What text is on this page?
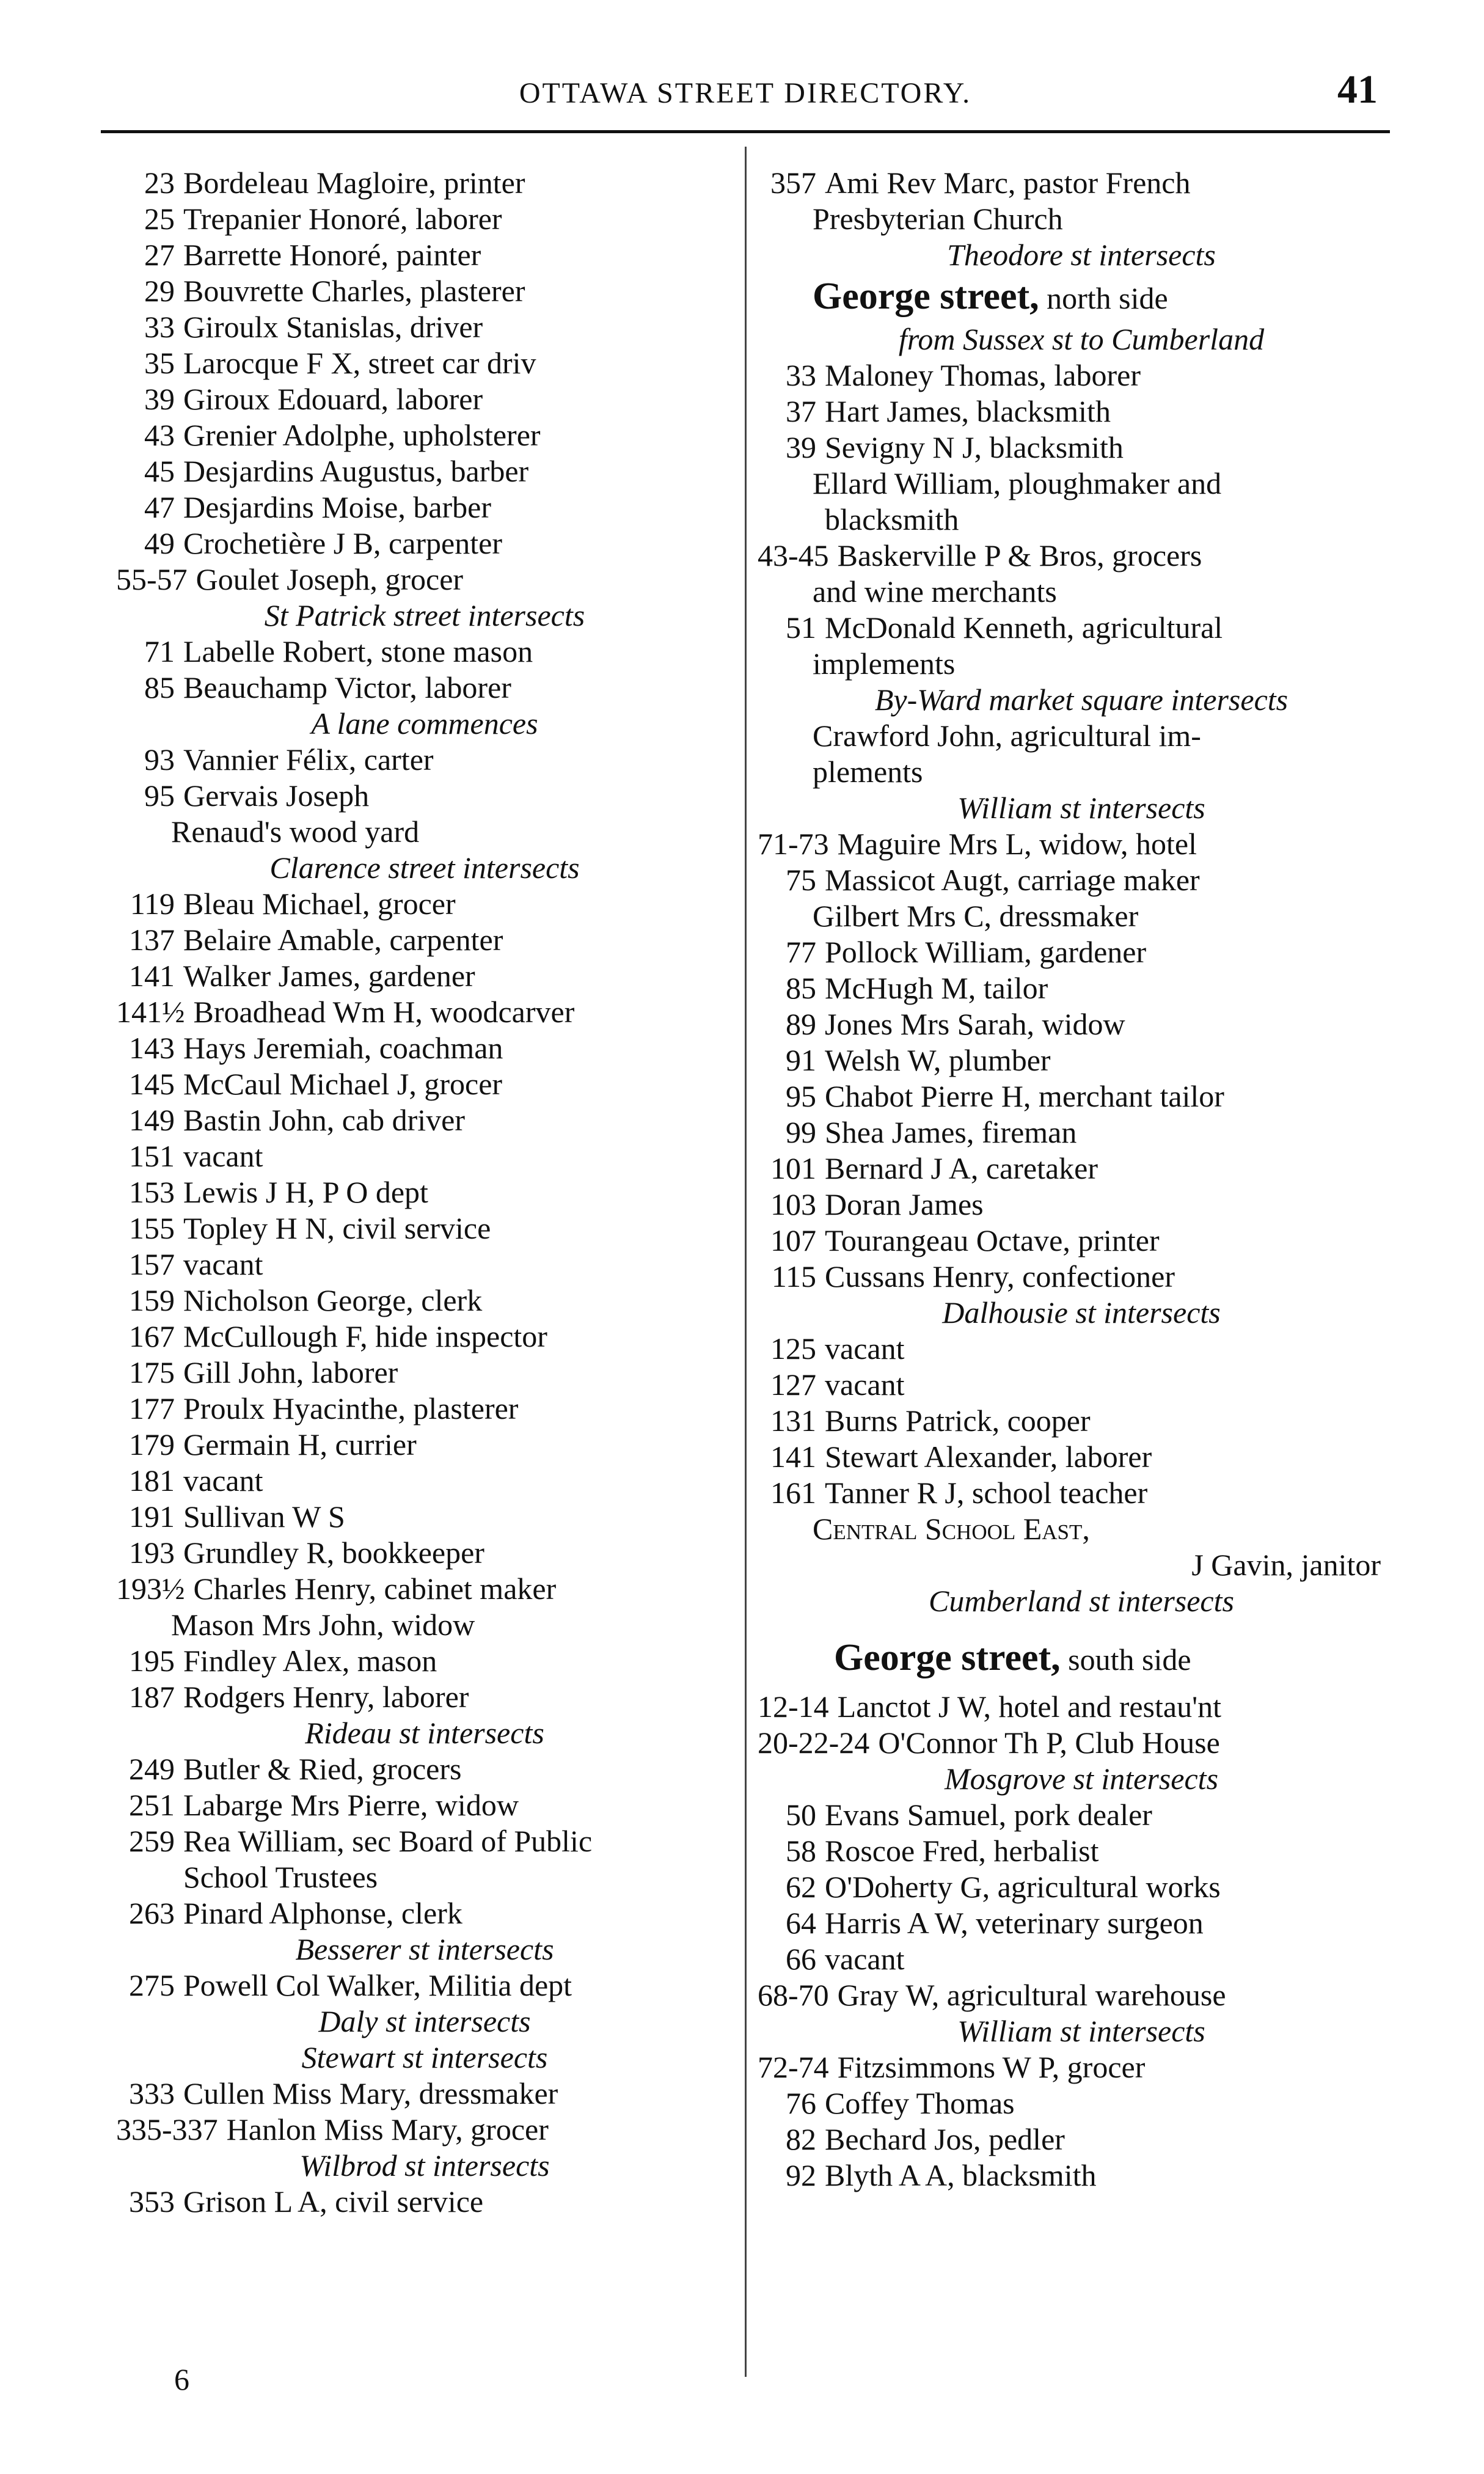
OTTAWA STREET DIRECTORY.	41
23 Bordeleau Magloire, printer
25 Trepanier Honoré, laborer
27 Barrette Honoré, painter
29 Bouvrette Charles, plasterer
33 Giroulx Stanislas, driver
35 Larocque F X, street car driv
39 Giroux Edouard, laborer
43 Grenier Adolphe, upholsterer
45 Desjardins Augustus, barber
47 Desjardins Moise, barber
49 Crochetière J B, carpenter
55-57 Goulet Joseph, grocer
St Patrick street intersects
71 Labelle Robert, stone mason
85 Beauchamp Victor, laborer
A lane commences
93 Vannier Félix, carter
95 Gervais Joseph
Renaud's wood yard
Clarence street intersects
119 Bleau Michael, grocer
137 Belaire Amable, carpenter
141 Walker James, gardener
141½ Broadhead Wm H, woodcarver
143 Hays Jeremiah, coachman
145 McCaul Michael J, grocer
149 Bastin John, cab driver
151 vacant
153 Lewis J H, P O dept
155 Topley H N, civil service
157 vacant
159 Nicholson George, clerk
167 McCullough F, hide inspector
175 Gill John, laborer
177 Proulx Hyacinthe, plasterer
179 Germain H, currier
181 vacant
191 Sullivan W S
193 Grundley R, bookkeeper
193½ Charles Henry, cabinet maker
Mason Mrs John, widow
195 Findley Alex, mason
187 Rodgers Henry, laborer
Rideau st intersects
249 Butler & Ried, grocers
251 Labarge Mrs Pierre, widow
259 Rea William, sec Board of Public
School Trustees
263 Pinard Alphonse, clerk
Besserer st intersects
275 Powell Col Walker, Militia dept
Daly st intersects
Stewart st intersects
333 Cullen Miss Mary, dressmaker
335-337 Hanlon Miss Mary, grocer
Wilbrod st intersects
353 Grison L A, civil service
357 Ami Rev Marc, pastor French
Presbyterian Church
Theodore st intersects
George street, north side
from Sussex st to Cumberland
33 Maloney Thomas, laborer
37 Hart James, blacksmith
39 Sevigny N J, blacksmith
Ellard William, ploughmaker and
blacksmith
43-45 Baskerville P & Bros, grocers
and wine merchants
51 McDonald Kenneth, agricultural
implements
By-Ward market square intersects
Crawford John, agricultural im-
plements
William st intersects
71-73 Maguire Mrs L, widow, hotel
75 Massicot Augt, carriage maker
Gilbert Mrs C, dressmaker
77 Pollock William, gardener
85 McHugh M, tailor
89 Jones Mrs Sarah, widow
91 Welsh W, plumber
95 Chabot Pierre H, merchant tailor
99 Shea James, fireman
101 Bernard J A, caretaker
103 Doran James
107 Tourangeau Octave, printer
115 Cussans Henry, confectioner
Dalhousie st intersects
125 vacant
127 vacant
131 Burns Patrick, cooper
141 Stewart Alexander, laborer
161 Tanner R J, school teacher
Central School East,
J Gavin, janitor
Cumberland st intersects
George street, south side
12-14 Lanctot J W, hotel and restau'nt
20-22-24 O'Connor Th P, Club House
Mosgrove st intersects
50 Evans Samuel, pork dealer
58 Roscoe Fred, herbalist
62 O'Doherty G, agricultural works
64 Harris A W, veterinary surgeon
66 vacant
68-70 Gray W, agricultural warehouse
William st intersects
72-74 Fitzsimmons W P, grocer
76 Coffey Thomas
82 Bechard Jos, pedler
92 Blyth A A, blacksmith
6
